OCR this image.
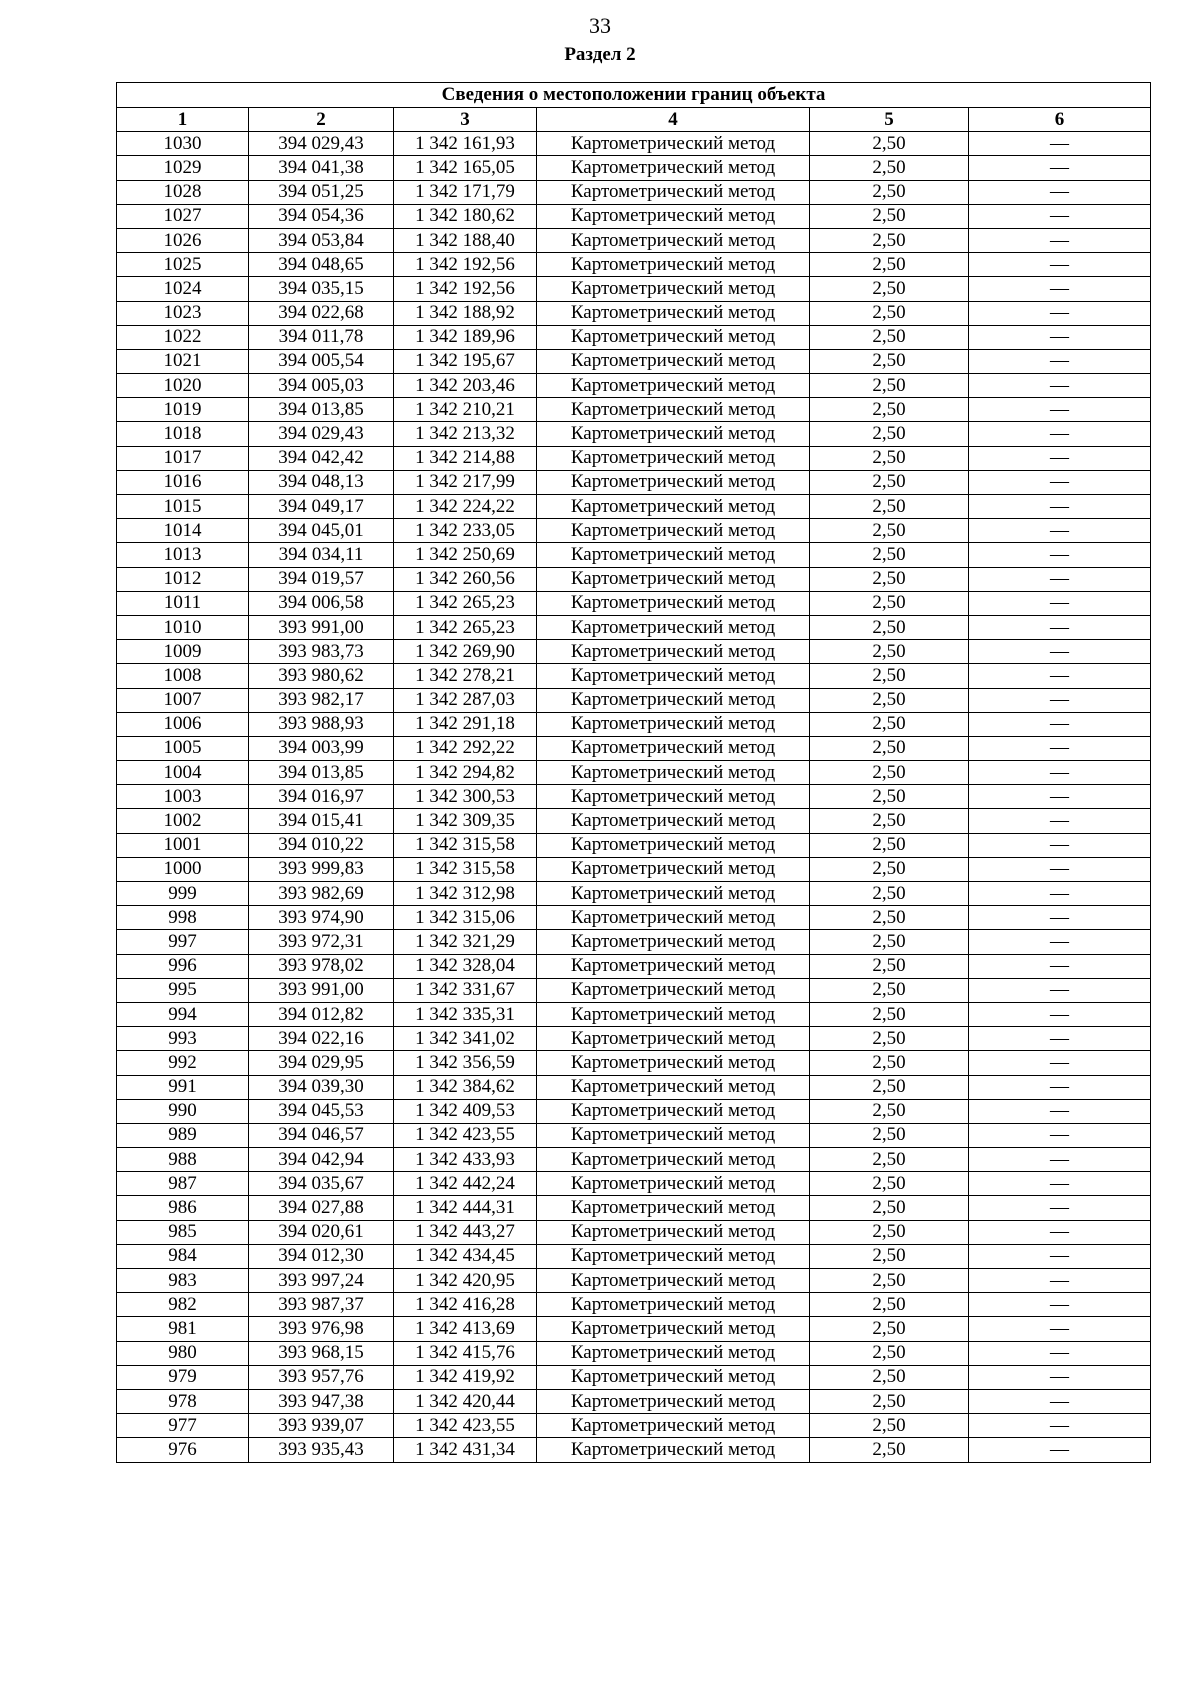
33
Раздел 2
Сведения о местоположении границ объекта					
1	2	3	4	5	6
1030	394 029,43	1 342 161,93	Картометрический метод	2,50	—
1029	394 041,38	1 342 165,05	Картометрический метод	2,50	—
1028	394 051,25	1 342 171,79	Картометрический метод	2,50	—
1027	394 054,36	1 342 180,62	Картометрический метод	2,50	—
1026	394 053,84	1 342 188,40	Картометрический метод	2,50	—
1025	394 048,65	1 342 192,56	Картометрический метод	2,50	—
1024	394 035,15	1 342 192,56	Картометрический метод	2,50	—
1023	394 022,68	1 342 188,92	Картометрический метод	2,50	—
1022	394 011,78	1 342 189,96	Картометрический метод	2,50	—
1021	394 005,54	1 342 195,67	Картометрический метод	2,50	—
1020	394 005,03	1 342 203,46	Картометрический метод	2,50	—
1019	394 013,85	1 342 210,21	Картометрический метод	2,50	—
1018	394 029,43	1 342 213,32	Картометрический метод	2,50	—
1017	394 042,42	1 342 214,88	Картометрический метод	2,50	—
1016	394 048,13	1 342 217,99	Картометрический метод	2,50	—
1015	394 049,17	1 342 224,22	Картометрический метод	2,50	—
1014	394 045,01	1 342 233,05	Картометрический метод	2,50	—
1013	394 034,11	1 342 250,69	Картометрический метод	2,50	—
1012	394 019,57	1 342 260,56	Картометрический метод	2,50	—
1011	394 006,58	1 342 265,23	Картометрический метод	2,50	—
1010	393 991,00	1 342 265,23	Картометрический метод	2,50	—
1009	393 983,73	1 342 269,90	Картометрический метод	2,50	—
1008	393 980,62	1 342 278,21	Картометрический метод	2,50	—
1007	393 982,17	1 342 287,03	Картометрический метод	2,50	—
1006	393 988,93	1 342 291,18	Картометрический метод	2,50	—
1005	394 003,99	1 342 292,22	Картометрический метод	2,50	—
1004	394 013,85	1 342 294,82	Картометрический метод	2,50	—
1003	394 016,97	1 342 300,53	Картометрический метод	2,50	—
1002	394 015,41	1 342 309,35	Картометрический метод	2,50	—
1001	394 010,22	1 342 315,58	Картометрический метод	2,50	—
1000	393 999,83	1 342 315,58	Картометрический метод	2,50	—
999	393 982,69	1 342 312,98	Картометрический метод	2,50	—
998	393 974,90	1 342 315,06	Картометрический метод	2,50	—
997	393 972,31	1 342 321,29	Картометрический метод	2,50	—
996	393 978,02	1 342 328,04	Картометрический метод	2,50	—
995	393 991,00	1 342 331,67	Картометрический метод	2,50	—
994	394 012,82	1 342 335,31	Картометрический метод	2,50	—
993	394 022,16	1 342 341,02	Картометрический метод	2,50	—
992	394 029,95	1 342 356,59	Картометрический метод	2,50	—
991	394 039,30	1 342 384,62	Картометрический метод	2,50	—
990	394 045,53	1 342 409,53	Картометрический метод	2,50	—
989	394 046,57	1 342 423,55	Картометрический метод	2,50	—
988	394 042,94	1 342 433,93	Картометрический метод	2,50	—
987	394 035,67	1 342 442,24	Картометрический метод	2,50	—
986	394 027,88	1 342 444,31	Картометрический метод	2,50	—
985	394 020,61	1 342 443,27	Картометрический метод	2,50	—
984	394 012,30	1 342 434,45	Картометрический метод	2,50	—
983	393 997,24	1 342 420,95	Картометрический метод	2,50	—
982	393 987,37	1 342 416,28	Картометрический метод	2,50	—
981	393 976,98	1 342 413,69	Картометрический метод	2,50	—
980	393 968,15	1 342 415,76	Картометрический метод	2,50	—
979	393 957,76	1 342 419,92	Картометрический метод	2,50	—
978	393 947,38	1 342 420,44	Картометрический метод	2,50	—
977	393 939,07	1 342 423,55	Картометрический метод	2,50	—
976	393 935,43	1 342 431,34	Картометрический метод	2,50	—
